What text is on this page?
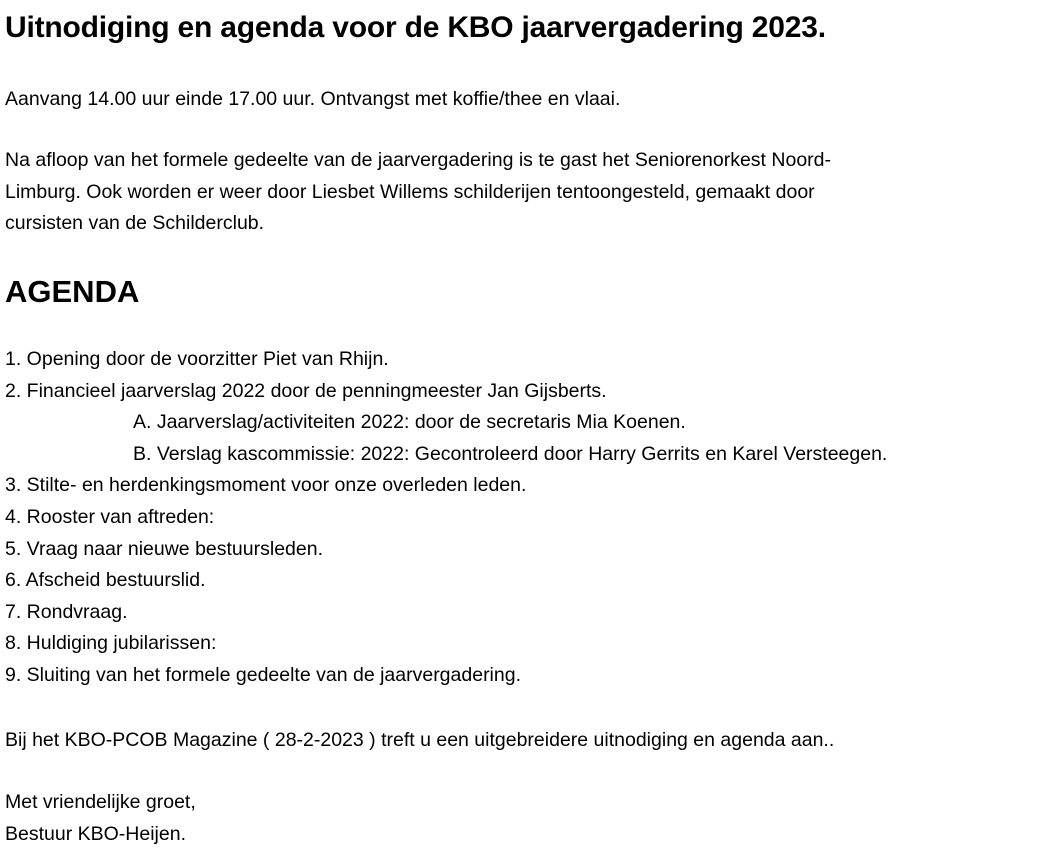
Uitnodiging en agenda voor de KBO jaarvergadering 2023.

Aanvang 14.00 uur einde 17.00 uur. Ontvangst met koffie/thee en vlaai.

Na afloop van het formele gedeelte van de jaarvergadering is te gast het Seniorenorkest Noord-

Limburg. Ook worden er weer door Liesbet Willems schilderijen tentoongesteld, gemaakt door

cursisten van de Schilderclub.

AGENDA
1. Opening door de voorzitter Piet van Rhijn.
2. Financieel jaarverslag 2022 door de penningmeester Jan Gijsberts.
A. Jaarverslag/activiteiten 2022: door de secretaris Mia Koenen.
B. Verslag kascommissie: 2022: Gecontroleerd door Harry Gerrits en Karel Versteegen.
3. Stilte- en herdenkingsmoment voor onze overleden leden.
4. Rooster van aftreden:
5. Vraag naar nieuwe bestuursleden.
6. Afscheid bestuurslid.
7. Rondvraag.
8. Huldiging jubilarissen:
9. Sluiting van het formele gedeelte van de jaarvergadering.

Bij het KBO-PCOB Magazine ( 28-2-2023 ) treft u een uitgebreidere uitnodiging en agenda aan..

Met vriendelijke groet,

Bestuur KBO-Heijen.
